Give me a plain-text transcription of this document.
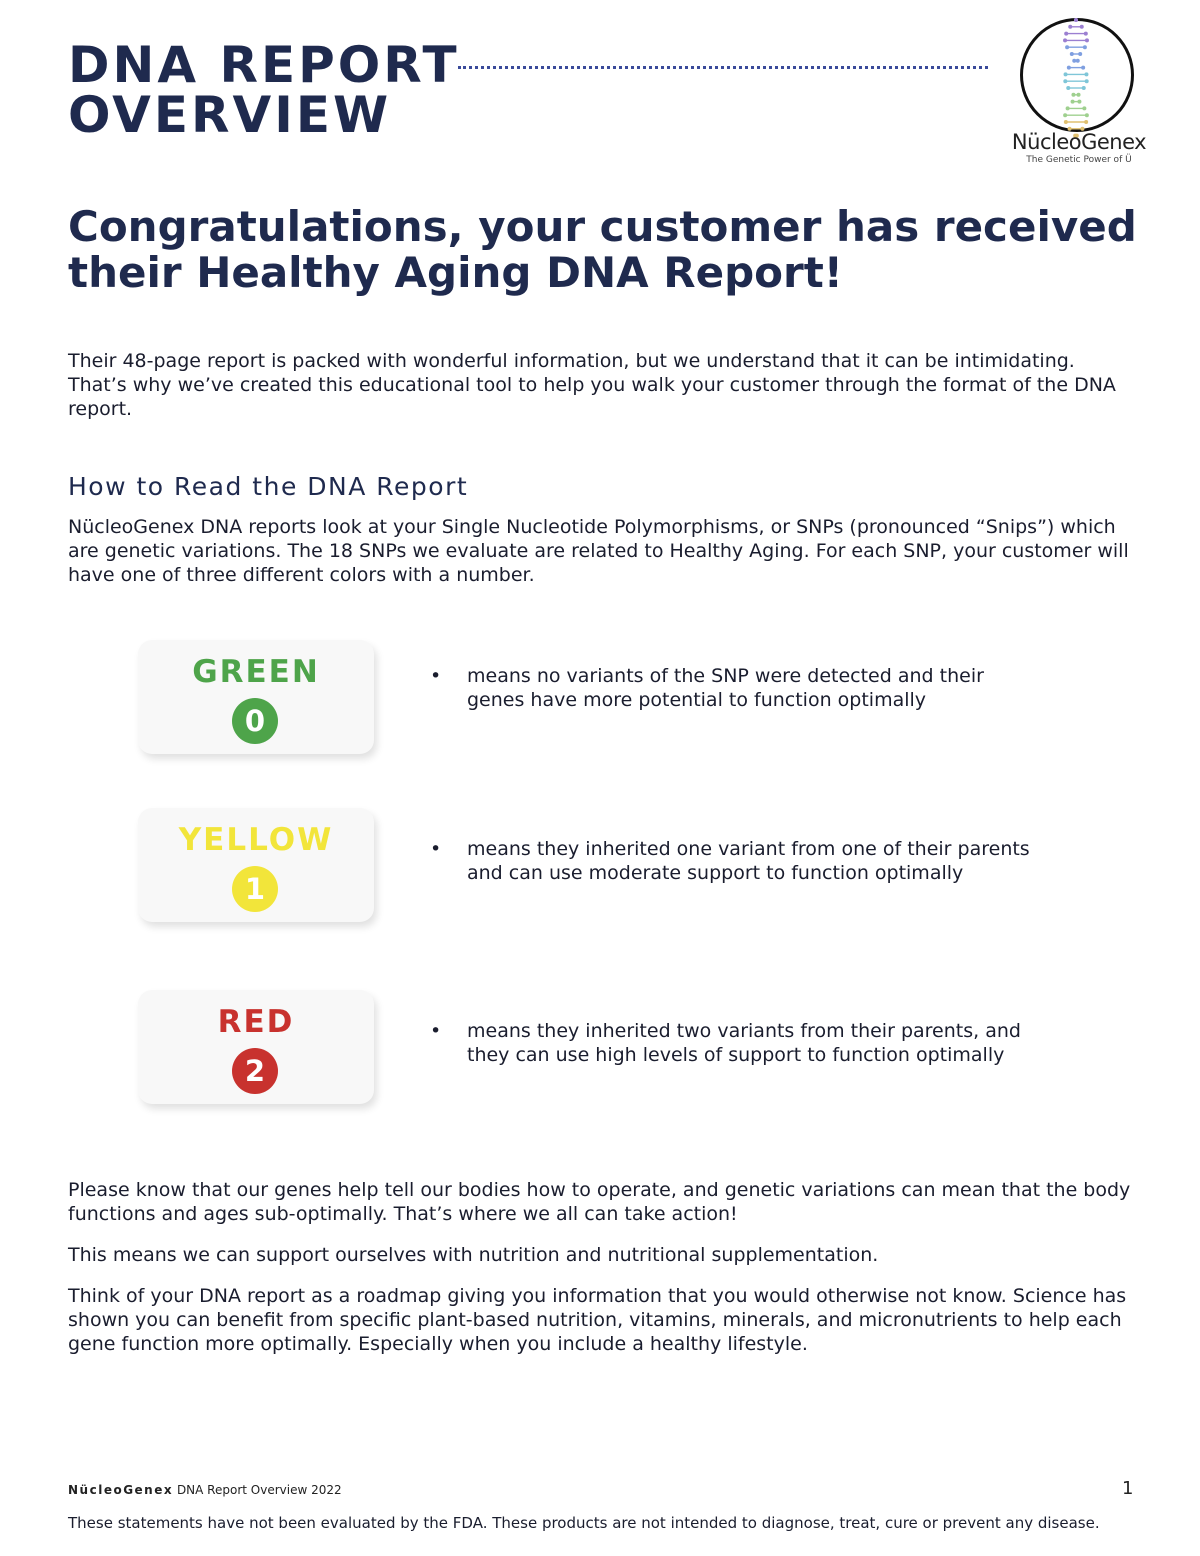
DNA REPORT
OVERVIEW	NücleoGenex
The Genetic Power of Ü
Congratulations, your customer has received
their Healthy Aging DNA Report!

Their 48-page report is packed with wonderful information, but we understand that it can be intimidating. That’s why we’ve created this educational tool to help you walk your customer through the format of the DNA report.

How to Read the DNA Report

NücleoGenex DNA reports look at your Single Nucleotide Polymorphisms, or SNPs (pronounced “Snips”) which are genetic variations. The 18 SNPs we evaluate are related to Healthy Aging. For each SNP, your customer will have one of three different colors with a number.

GREEN
0
• means no variants of the SNP were detected and their
genes have more potential to function optimally
YELLOW
1
• means they inherited one variant from one of their parents
and can use moderate support to function optimally
RED
2
• means they inherited two variants from their parents, and
they can use high levels of support to function optimally

Please know that our genes help tell our bodies how to operate, and genetic variations can mean that the body functions and ages sub-optimally. That’s where we all can take action!

This means we can support ourselves with nutrition and nutritional supplementation.

Think of your DNA report as a roadmap giving you information that you would otherwise not know. Science has shown you can benefit from specific plant-based nutrition, vitamins, minerals, and micronutrients to help each gene function more optimally. Especially when you include a healthy lifestyle.

NücleoGenex DNA Report Overview 2022	1
These statements have not been evaluated by the FDA. These products are not intended to diagnose, treat, cure or prevent any disease.
